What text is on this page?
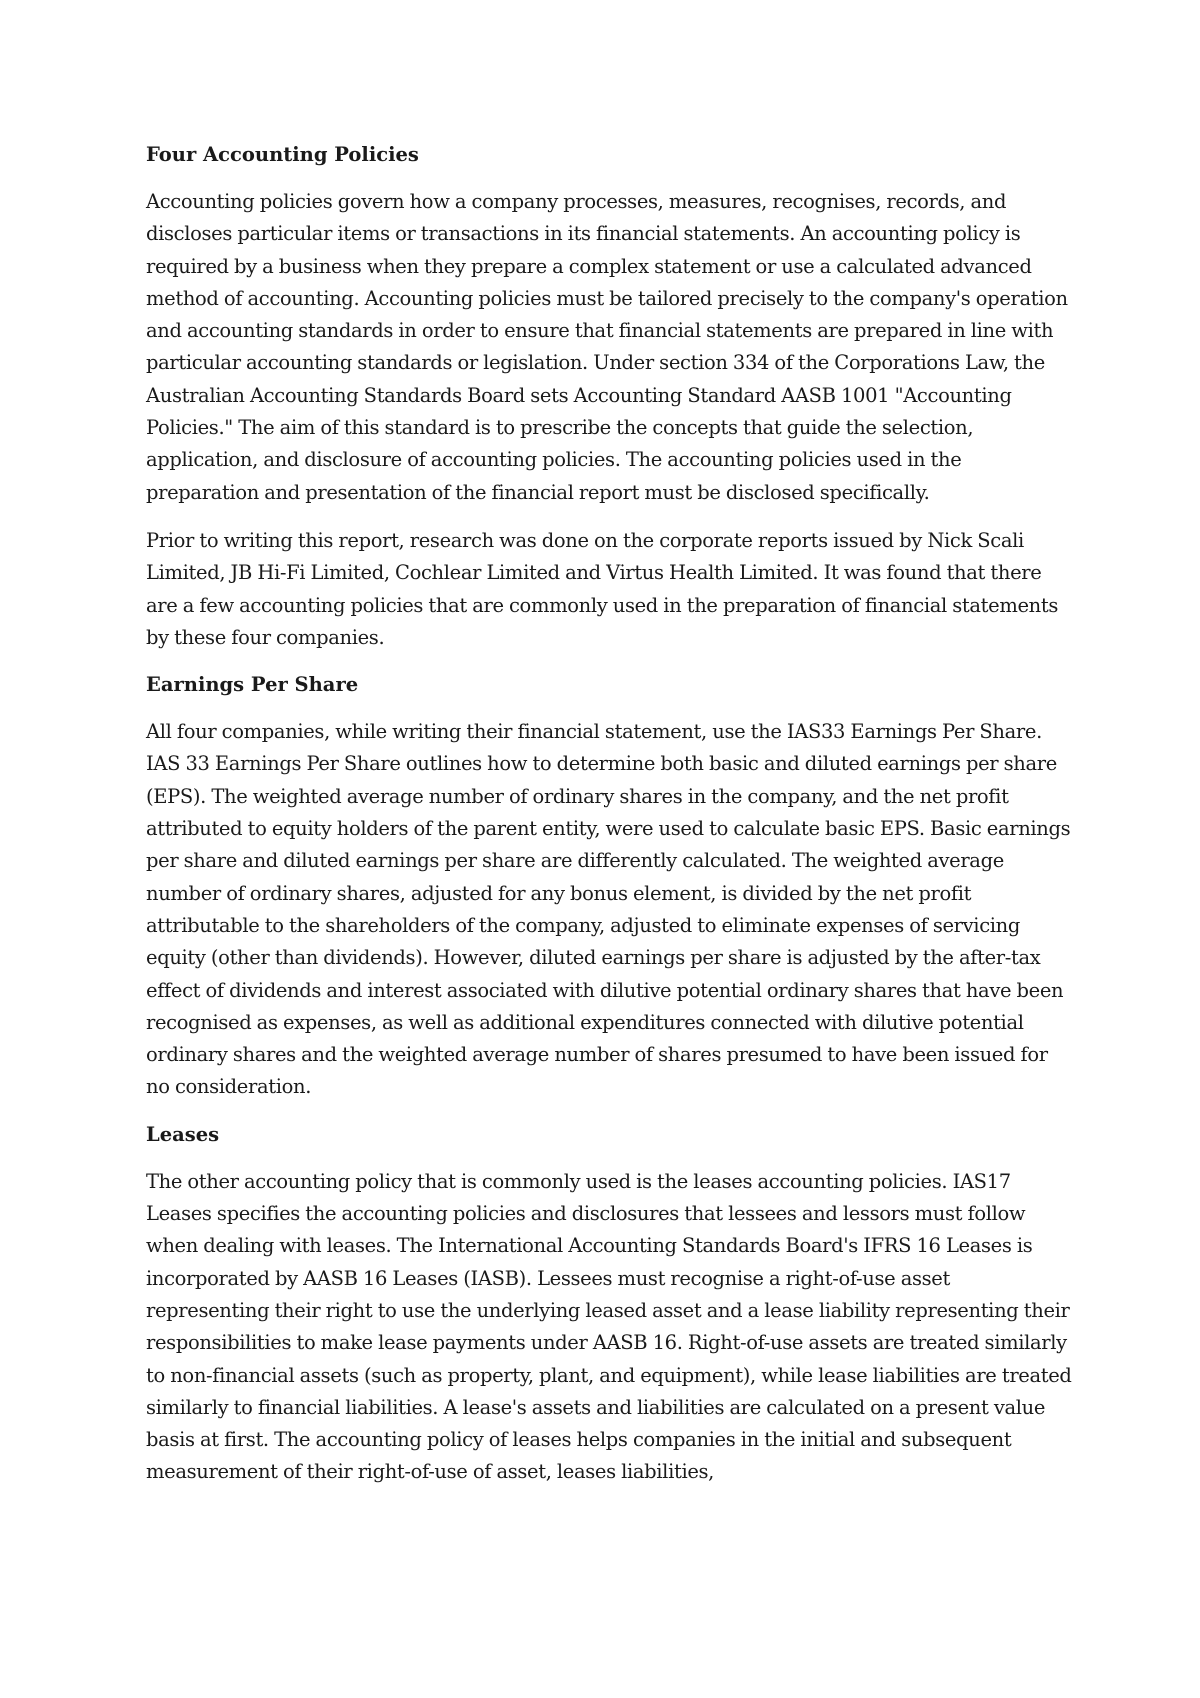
Four Accounting Policies

Accounting policies govern how a company processes, measures, recognises, records, and discloses particular items or transactions in its financial statements. An accounting policy is required by a business when they prepare a complex statement or use a calculated advanced method of accounting. Accounting policies must be tailored precisely to the company's operation and accounting standards in order to ensure that financial statements are prepared in line with particular accounting standards or legislation. Under section 334 of the Corporations Law, the Australian Accounting Standards Board sets Accounting Standard AASB 1001 "Accounting Policies." The aim of this standard is to prescribe the concepts that guide the selection, application, and disclosure of accounting policies. The accounting policies used in the preparation and presentation of the financial report must be disclosed specifically.

Prior to writing this report, research was done on the corporate reports issued by Nick Scali Limited, JB Hi-Fi Limited, Cochlear Limited and Virtus Health Limited. It was found that there are a few accounting policies that are commonly used in the preparation of financial statements by these four companies.

Earnings Per Share

All four companies, while writing their financial statement, use the IAS33 Earnings Per Share. IAS 33 Earnings Per Share outlines how to determine both basic and diluted earnings per share (EPS). The weighted average number of ordinary shares in the company, and the net profit attributed to equity holders of the parent entity, were used to calculate basic EPS. Basic earnings per share and diluted earnings per share are differently calculated. The weighted average number of ordinary shares, adjusted for any bonus element, is divided by the net profit attributable to the shareholders of the company, adjusted to eliminate expenses of servicing equity (other than dividends). However, diluted earnings per share is adjusted by the after-tax effect of dividends and interest associated with dilutive potential ordinary shares that have been recognised as expenses, as well as additional expenditures connected with dilutive potential ordinary shares and the weighted average number of shares presumed to have been issued for no consideration.

Leases

The other accounting policy that is commonly used is the leases accounting policies. IAS17 Leases specifies the accounting policies and disclosures that lessees and lessors must follow when dealing with leases. The International Accounting Standards Board's IFRS 16 Leases is incorporated by AASB 16 Leases (IASB). Lessees must recognise a right-of-use asset representing their right to use the underlying leased asset and a lease liability representing their responsibilities to make lease payments under AASB 16. Right-of-use assets are treated similarly to non-financial assets (such as property, plant, and equipment), while lease liabilities are treated similarly to financial liabilities. A lease's assets and liabilities are calculated on a present value basis at first. The accounting policy of leases helps companies in the initial and subsequent measurement of their right-of-use of asset, leases liabilities,
